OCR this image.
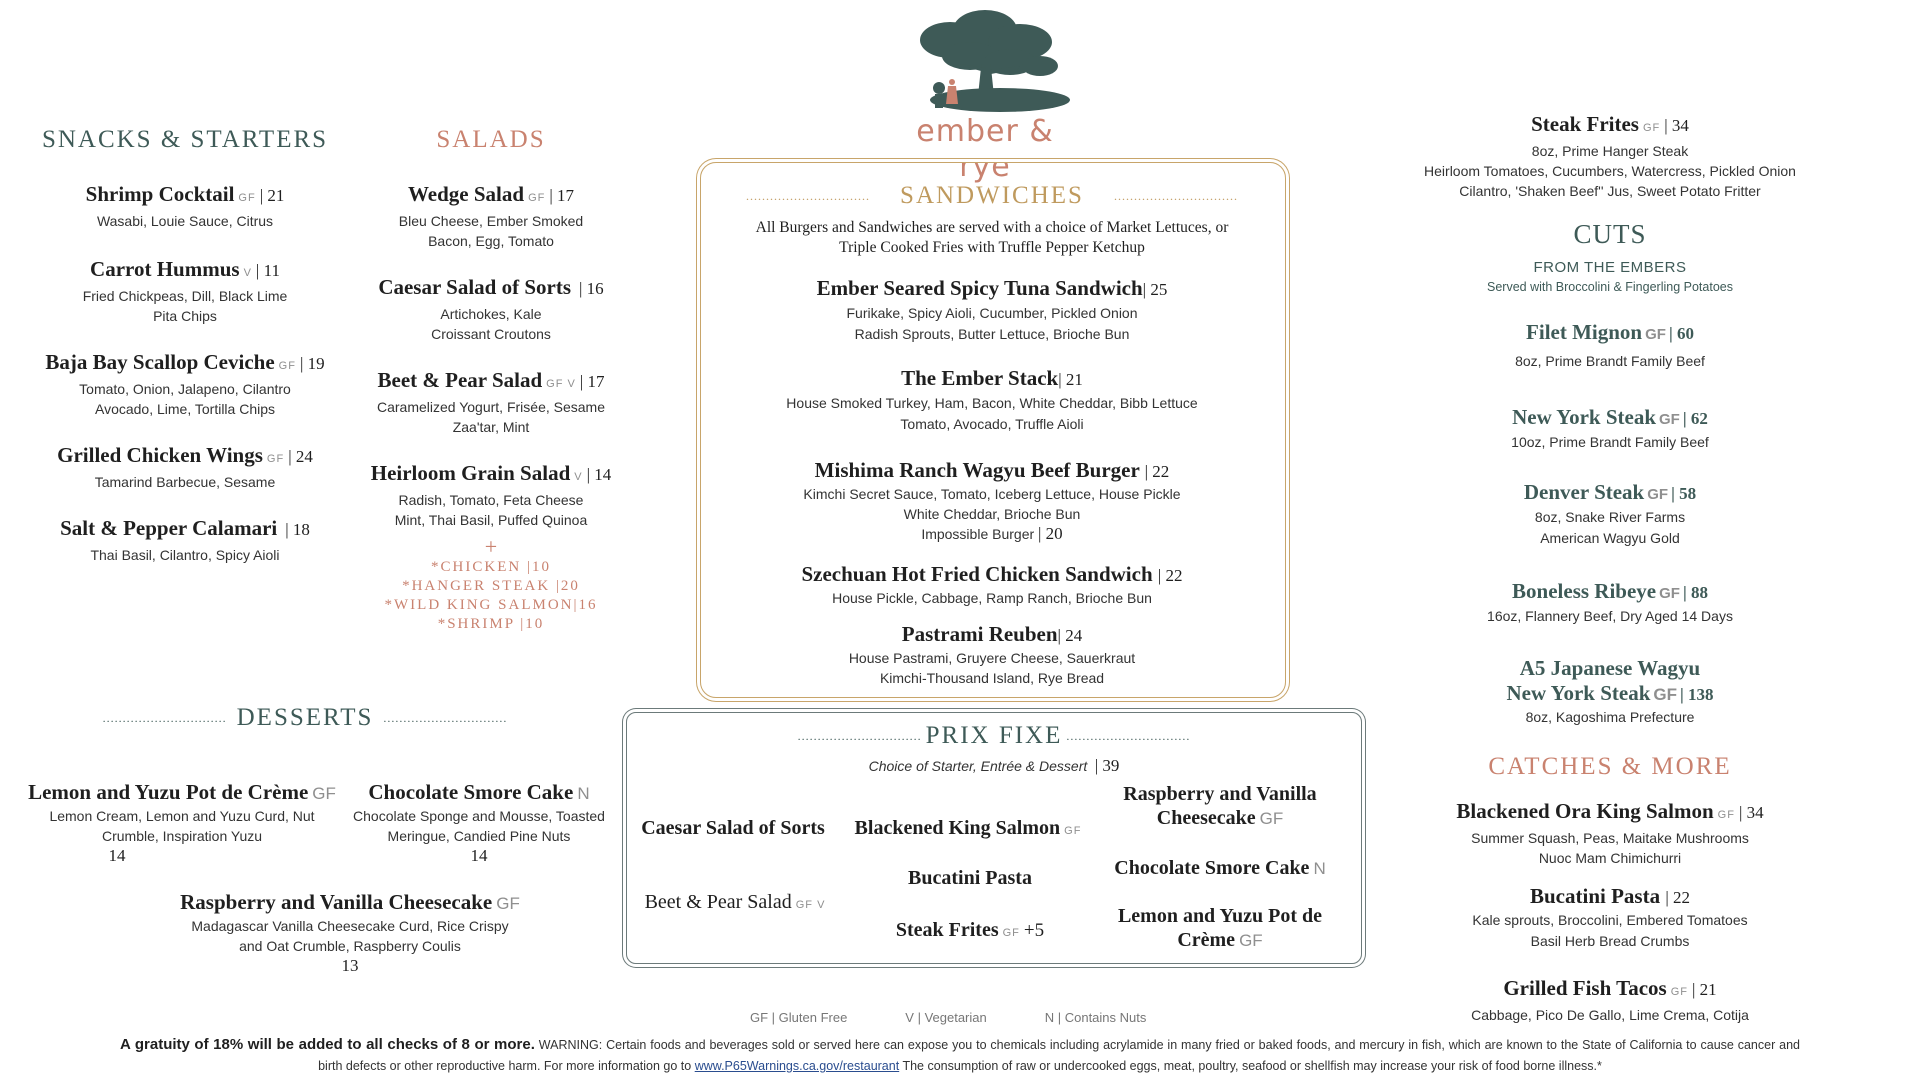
ember & rye
SNACKS & STARTERS
Shrimp Cocktail GF | 21
Wasabi, Louie Sauce, Citrus
Carrot Hummus V | 11
Fried Chickpeas, Dill, Black Lime
Pita Chips
Baja Bay Scallop Ceviche GF | 19
Tomato, Onion, Jalapeno, Cilantro
Avocado, Lime, Tortilla Chips
Grilled Chicken Wings GF | 24
Tamarind Barbecue, Sesame
Salt & Pepper Calamari | 18
Thai Basil, Cilantro, Spicy Aioli
SALADS
Wedge Salad GF | 17
Bleu Cheese, Ember Smoked
Bacon, Egg, Tomato
Caesar Salad of Sorts | 16
Artichokes, Kale
Croissant Croutons
Beet & Pear Salad GF V | 17
Caramelized Yogurt, Frisée, Sesame
Zaa'tar, Mint
Heirloom Grain Salad V | 14
Radish, Tomato, Feta Cheese
Mint, Thai Basil, Puffed Quinoa
+
*CHICKEN |10
*HANGER STEAK |20
*WILD KING SALMON|16
*SHRIMP |10
............................... SANDWICHES	...............................
All Burgers and Sandwiches are served with a choice of Market Lettuces, or
Triple Cooked Fries with Truffle Pepper Ketchup
Ember Seared Spicy Tuna Sandwich| 25
Furikake, Spicy Aioli, Cucumber, Pickled Onion
Radish Sprouts, Butter Lettuce, Brioche Bun
The Ember Stack| 21
House Smoked Turkey, Ham, Bacon, White Cheddar, Bibb Lettuce
Tomato, Avocado, Truffle Aioli
Mishima Ranch Wagyu Beef Burger | 22
Kimchi Secret Sauce, Tomato, Iceberg Lettuce, House Pickle
White Cheddar, Brioche Bun
Impossible Burger | 20
Szechuan Hot Fried Chicken Sandwich | 22
House Pickle, Cabbage, Ramp Ranch, Brioche Bun
Pastrami Reuben| 24
House Pastrami, Gruyere Cheese, Sauerkraut
Kimchi-Thousand Island, Rye Bread
............................... DESSERTS ...............................
Lemon and Yuzu Pot de Crème GF
Lemon Cream, Lemon and Yuzu Curd, Nut
Crumble, Inspiration Yuzu
14
Chocolate Smore Cake N
Chocolate Sponge and Mousse, Toasted
Meringue, Candied Pine Nuts
14
Raspberry and Vanilla Cheesecake GF
Madagascar Vanilla Cheesecake Curd, Rice Crispy
and Oat Crumble, Raspberry Coulis
13
............................... PRIX FIXE ...............................
Choice of Starter, Entrée & Dessert | 39
Caesar Salad of Sorts
Beet & Pear Salad GF V
Blackened King Salmon GF
Bucatini Pasta
Steak Frites GF +5
Raspberry and Vanilla Cheesecake GF
Chocolate Smore Cake N
Lemon and Yuzu Pot de Crème GF
Steak Frites GF | 34
8oz, Prime Hanger Steak
Heirloom Tomatoes, Cucumbers, Watercress, Pickled Onion
Cilantro, 'Shaken Beef'' Jus, Sweet Potato Fritter
CUTS
FROM THE EMBERS
Served with Broccolini & Fingerling Potatoes
Filet Mignon GF | 60
8oz, Prime Brandt Family Beef
New York Steak GF | 62
10oz, Prime Brandt Family Beef
Denver Steak GF | 58
8oz, Snake River Farms
American Wagyu Gold
Boneless Ribeye GF | 88
16oz, Flannery Beef, Dry Aged 14 Days
A5 Japanese Wagyu
New York Steak GF | 138
8oz, Kagoshima Prefecture
CATCHES & MORE
Blackened Ora King Salmon GF | 34
Summer Squash, Peas, Maitake Mushrooms
Nuoc Mam Chimichurri
Bucatini Pasta | 22
Kale sprouts, Broccolini, Embered Tomatoes
Basil Herb Bread Crumbs
Grilled Fish Tacos GF | 21
Cabbage, Pico De Gallo, Lime Crema, Cotija
GF | Gluten Free	V | Vegetarian	N | Contains Nuts
A gratuity of 18% will be added to all checks of 8 or more. WARNING: Certain foods and beverages sold or served here can expose you to chemicals including acrylamide in many fried or baked foods, and mercury in fish, which are known to the State of California to cause cancer and birth defects or other reproductive harm. For more information go to www.P65Warnings.ca.gov/restaurant The consumption of raw or undercooked eggs, meat, poultry, seafood or shellfish may increase your risk of food borne illness.*
